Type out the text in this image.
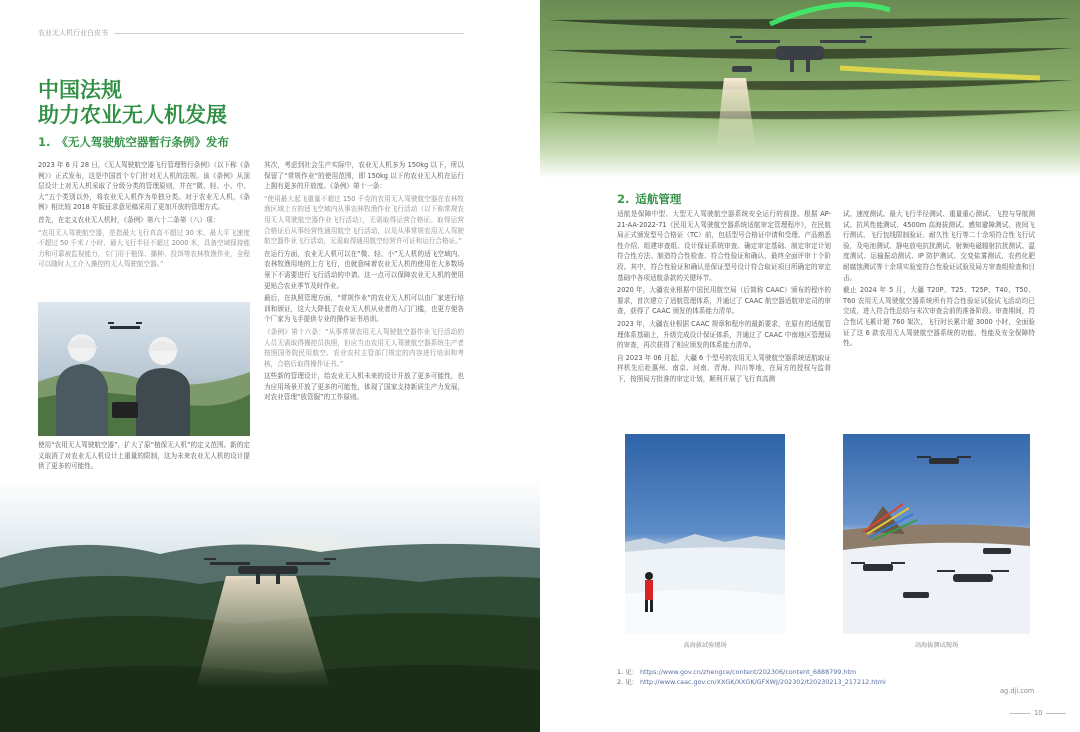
农业无人机行业白皮书
中国法规
助力农业无人机发展
1. 《无人驾驶航空器暂行条例》发布

2023 年 6 月 28 日，《无人驾驶航空器飞行管理暂行条例》（以下称《条例》）正式发布，这是中国首个专门针对无人机的法规。该《条例》从顶层设计上对无人机采取了分级分类的管理原则，并在“微、轻、小、中、大”五个类别以外，将农业无人机作为单独分类。对于农业无人机，《条例》相比较 2018 年版征求意见稿采用了更加开放的管理方式。

首先，在定义农业无人机时，《条例》第六十二条第（八）项：

“农用无人驾驶航空器，是指最大飞行真高不超过 30 米、最大平飞速度不超过 50 千米 / 小时、最大飞行半径不超过 2000 米，具备空域保持能力和可靠被监视能力，专门用于植保、播种、投饵等农林牧渔作业，全程可以随时人工介入操控的无人驾驶航空器。”

使用“农用无人驾驶航空器”，扩大了原“植保无人机”的定义范围。新的定义取消了对农业无人机设计上重量的限制，这为未来农业无人机的设计提供了更多的可能性。

其次，考虑到社会生产实际中，农业无人机多为 150kg 以下，所以保留了“常规作业”的使用范围，即 150kg 以下的农业无人机在运行上拥有更多的开放度。《条例》第十一条：

“使用最大起飞重量不超过 150 千克的农用无人驾驶航空器在农林牧渔区域上方的适飞空域内从事农林牧渔作业飞行活动（以下称常规农用无人驾驶航空器作业飞行活动），无需取得运营合格证。取得运营合格证后从事经营性通用航空飞行活动，以及从事常规农用无人驾驶航空器作业飞行活动，无需取得通用航空经营许可证和运行合格证。”

在运行方面，农业无人机可以在“微、轻、小”无人机的适飞空域内、农林牧渔用地的上方飞行，也就意味着农业无人机的使用在大多数场景下不需要进行飞行活动的申请。这一点可以保障农业无人机的使用更贴合农业季节及时作业。

最后，在执照管理方面，“常规作业”的农业无人机可以由厂家进行培训和颁证，这大大降低了农业无人机从业者的入门门槛，也更方便各个厂家为飞手提供专业的操作证书培训。

《条例》第十六条：“从事常规农用无人驾驶航空器作业飞行活动的人员无需取得操控员执照，但应当由农用无人驾驶航空器系统生产者按照国务院民用航空、农业农村主管部门规定的内容进行培训和考核，合格后取得操作证书。”

这些新的管理设计，给农业无人机未来的设计开放了更多可能性，也为应用场景开放了更多的可能性，体现了国家支持新质生产力发展，对农业管理“放管服”的工作原则。

2. 适航管理

适航是保障中型、大型无人驾驶航空器系统安全运行的前提。根据 AP-21-AA-2022-71《民用无人驾驶航空器系统适航审定管理程序》，在民航局正式颁发型号合格证（TC）前，包括型号合格证申请和受理、产品熟悉性介绍、组建审查组、设计保证系统审查、确定审定基础、制定审定计划符合性方法、制造符合性检查、符合性验证和确认、最终全面评审十个阶段。其中，符合性验证和确认是保证型号设计符合取证项目所确定的审定基础中各项适航条款的关键环节。

2020 年，大疆农业根据中国民用航空局（后简称 CAAC）颁布的程序的要求，首次建立了适航管理体系，并通过了 CAAC 航空器适航审定司的审查，获得了 CAAC 颁发的体系能力清单。

2023 年，大疆农业根据 CAAC 规章和程序的最新要求，在原有的适航管理体系基础上，升级完成设计保证体系，并通过了 CAAC 中南地区管理局的审查，再次获得了相应颁发的体系能力清单。

自 2023 年 06 月起，大疆 6 个型号的农用无人驾驶航空器系统适航取证样机先后赴惠州、南京、河南、青海、四川等地，在局方的授权与监督下，按照局方批准的审定计划，顺利开展了飞行真高测

试、速度测试、最大飞行半径测试、重量重心测试、飞控与导航测试、抗风性能测试、4500m 高海拔测试、感知避障测试、夜间飞行测试、飞行包线限制验证、耐久性飞行等二十余项符合性飞行试验，及电池测试、静电放电抗扰测试、射频电磁辐射抗扰测试、温度测试、运输振动测试、IP 防护测试、交变盐雾测试、农药化肥耐腐蚀测试等十余项实验室符合性验证试验及局方审查组检查和目击。

截止 2024 年 5 月，大疆 T20P、T25、T25P、T40、T50、T60 农用无人驾驶航空器系统所有符合性验证试验试飞活动均已完成，进入符合性总结与末次审查会前的准备阶段。审查期间，符合性试飞累计超 760 架次，飞行时长累计超 3000 小时，全面验证了这 6 款农用无人驾驶航空器系统的功能、性能及安全保障特性。

高海拔试验现场	高海拔测试现场
1. 见： https://www.gov.cn/zhengce/content/202306/content_6888799.htm
2. 见： http://www.caac.gov.cn/XXGK/XXGK/GFXWJ/202302/t20230213_217212.html
ag.dji.com
10
